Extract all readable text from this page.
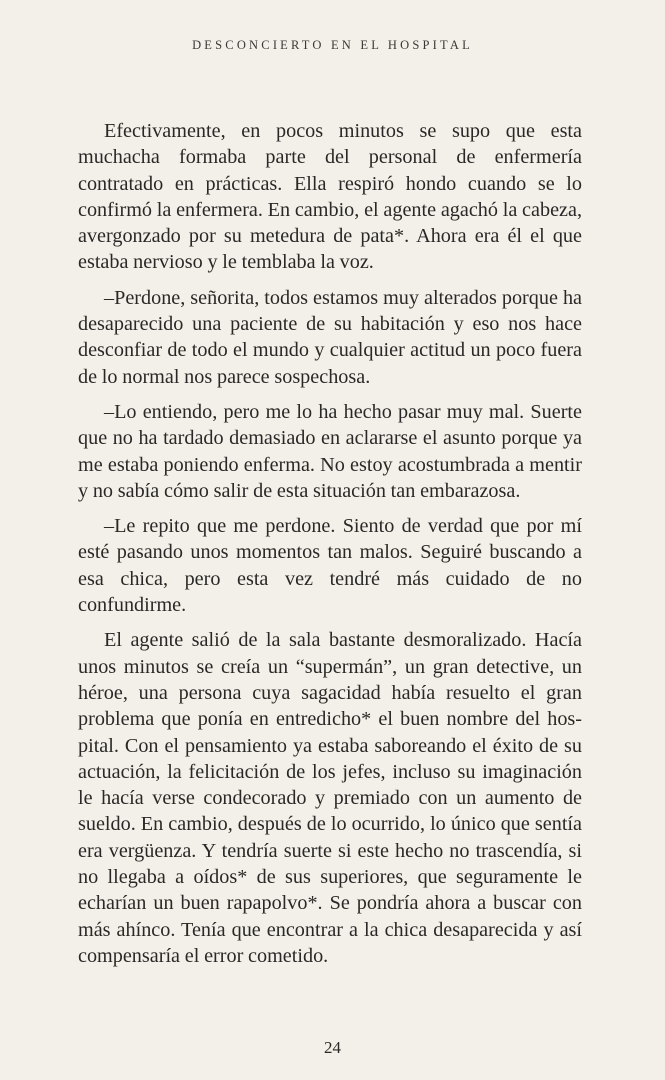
DESCONCIERTO EN EL HOSPITAL

Efectivamente, en pocos minutos se supo que esta muchacha formaba parte del personal de enfermería contratado en prácticas. Ella respiró hondo cuando se lo confirmó la enfermera. En cambio, el agente agachó la cabeza, avergonzado por su metedura de pata*. Ahora era él el que estaba nervioso y le temblaba la voz.

–Perdone, señorita, todos estamos muy alterados porque ha desaparecido una paciente de su habitación y eso nos hace desconfiar de todo el mundo y cualquier actitud un poco fuera de lo normal nos parece sospechosa.

–Lo entiendo, pero me lo ha hecho pasar muy mal. Suerte que no ha tardado demasiado en aclararse el asunto porque ya me estaba poniendo enferma. No estoy acostumbrada a mentir y no sabía cómo salir de esta situación tan embarazosa.

–Le repito que me perdone. Siento de verdad que por mí esté pasando unos momentos tan malos. Seguiré buscando a esa chica, pero esta vez tendré más cuidado de no confundirme.

El agente salió de la sala bastante desmoralizado. Hacía unos minutos se creía un “supermán”, un gran detective, un héroe, una persona cuya sagacidad había resuelto el gran problema que ponía en entredicho* el buen nombre del hospital. Con el pensamiento ya estaba saboreando el éxito de su actuación, la felicitación de los jefes, incluso su imaginación le hacía verse condecorado y premiado con un aumento de sueldo. En cambio, después de lo ocurrido, lo único que sentía era vergüenza. Y tendría suerte si este hecho no trascendía, si no llegaba a oídos* de sus superiores, que seguramente le echarían un buen rapapolvo*. Se pondría ahora a buscar con más ahínco. Tenía que encontrar a la chica desaparecida y así compensaría el error cometido.

24
